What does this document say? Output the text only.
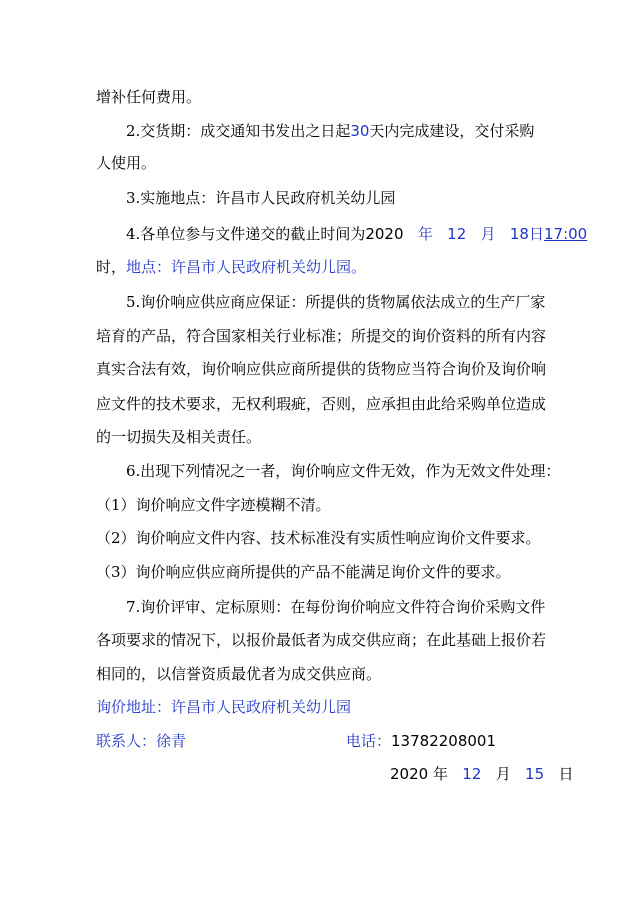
增补任何费用。
2.交货期：成交通知书发出之日起30天内完成建设，交付采购
人使用。
3.实施地点：许昌市人民政府机关幼儿园
4.各单位参与文件递交的截止时间为2020 年 12 月 18日17:00
时，地点：许昌市人民政府机关幼儿园。
5.询价响应供应商应保证：所提供的货物属依法成立的生产厂家
培育的产品，符合国家相关行业标准；所提交的询价资料的所有内容
真实合法有效，询价响应供应商所提供的货物应当符合询价及询价响
应文件的技术要求，无权利瑕疵，否则，应承担由此给采购单位造成
的一切损失及相关责任。
6.出现下列情况之一者，询价响应文件无效，作为无效文件处理：
（1）询价响应文件字迹模糊不清。
（2）询价响应文件内容、技术标准没有实质性响应询价文件要求。
（3）询价响应供应商所提供的产品不能满足询价文件的要求。
7.询价评审、定标原则：在每份询价响应文件符合询价采购文件
各项要求的情况下，以报价最低者为成交供应商；在此基础上报价若
相同的，以信誉资质最优者为成交供应商。
询价地址：许昌市人民政府机关幼儿园
联系人：徐青	电话：13782208001
2020 年 12 月 15 日
